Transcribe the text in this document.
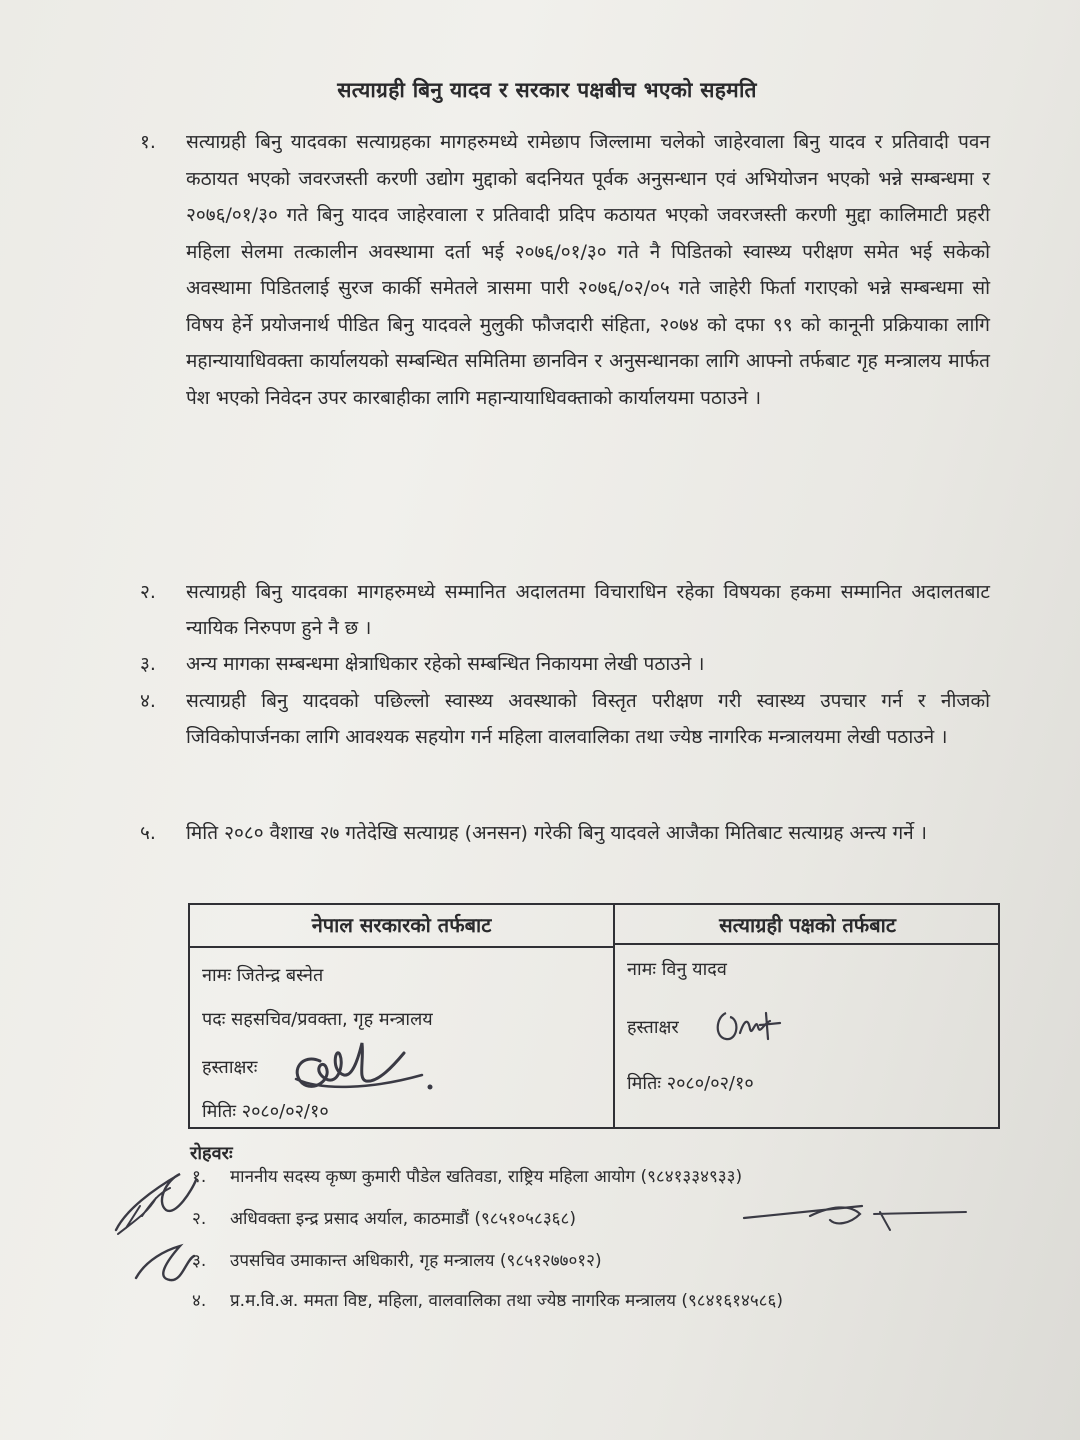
सत्याग्रही बिनु यादव र सरकार पक्षबीच भएको सहमति
१.	सत्याग्रही बिनु यादवका सत्याग्रहका मागहरुमध्ये रामेछाप जिल्लामा चलेको जाहेरवाला बिनु यादव र प्रतिवादी पवन कठायत भएको जवरजस्ती करणी उद्योग मुद्दाको बदनियत पूर्वक अनुसन्धान एवं अभियोजन भएको भन्ने सम्बन्धमा र २०७६/०१/३० गते बिनु यादव जाहेरवाला र प्रतिवादी प्रदिप कठायत भएको जवरजस्ती करणी मुद्दा कालिमाटी प्रहरी महिला सेलमा तत्कालीन अवस्थामा दर्ता भई २०७६/०१/३० गते नै पिडितको स्वास्थ्य परीक्षण समेत भई सकेको अवस्थामा पिडितलाई सुरज कार्की समेतले त्रासमा पारी २०७६/०२/०५ गते जाहेरी फिर्ता गराएको भन्ने सम्बन्धमा सो विषय हेर्ने प्रयोजनार्थ पीडित बिनु यादवले मुलुकी फौजदारी संहिता, २०७४ को दफा ९९ को कानूनी प्रक्रियाका लागि महान्यायाधिवक्ता कार्यालयको सम्बन्धित समितिमा छानविन र अनुसन्धानका लागि आफ्नो तर्फबाट गृह मन्त्रालय मार्फत पेश भएको निवेदन उपर कारबाहीका लागि महान्यायाधिवक्ताको कार्यालयमा पठाउने ।
२.	सत्याग्रही बिनु यादवका मागहरुमध्ये सम्मानित अदालतमा विचाराधिन रहेका विषयका हकमा सम्मानित अदालतबाट न्यायिक निरुपण हुने नै छ ।
३.	अन्य मागका सम्बन्धमा क्षेत्राधिकार रहेको सम्बन्धित निकायमा लेखी पठाउने ।
४.	सत्याग्रही बिनु यादवको पछिल्लो स्वास्थ्य अवस्थाको विस्तृत परीक्षण गरी स्वास्थ्य उपचार गर्न र नीजको जिविकोपार्जनका लागि आवश्यक सहयोग गर्न महिला वालवालिका तथा ज्येष्ठ नागरिक मन्त्रालयमा लेखी पठाउने ।
५.	मिति २०८० वैशाख २७ गतेदेखि सत्याग्रह (अनसन) गरेकी बिनु यादवले आजैका मितिबाट सत्याग्रह अन्त्य गर्ने ।
नेपाल सरकारको तर्फबाट	सत्याग्रही पक्षको तर्फबाट
नामः जितेन्द्र बस्नेत
पदः सहसचिव/प्रवक्ता, गृह मन्त्रालय
हस्ताक्षरः
मितिः २०८०/०२/१०
नामः विनु यादव
हस्ताक्षर
मितिः २०८०/०२/१०
रोहवरः
१. माननीय सदस्य कृष्ण कुमारी पौडेल खतिवडा, राष्ट्रिय महिला आयोग (९८४१३३४९३३)
२. अधिवक्ता इन्द्र प्रसाद अर्याल, काठमाडौं (९८५१०५८३६८)
३. उपसचिव उमाकान्त अधिकारी, गृह मन्त्रालय (९८५१२७७०१२)
४. प्र.म.वि.अ. ममता विष्ट, महिला, वालवालिका तथा ज्येष्ठ नागरिक मन्त्रालय (९८४१६१४५८६)
